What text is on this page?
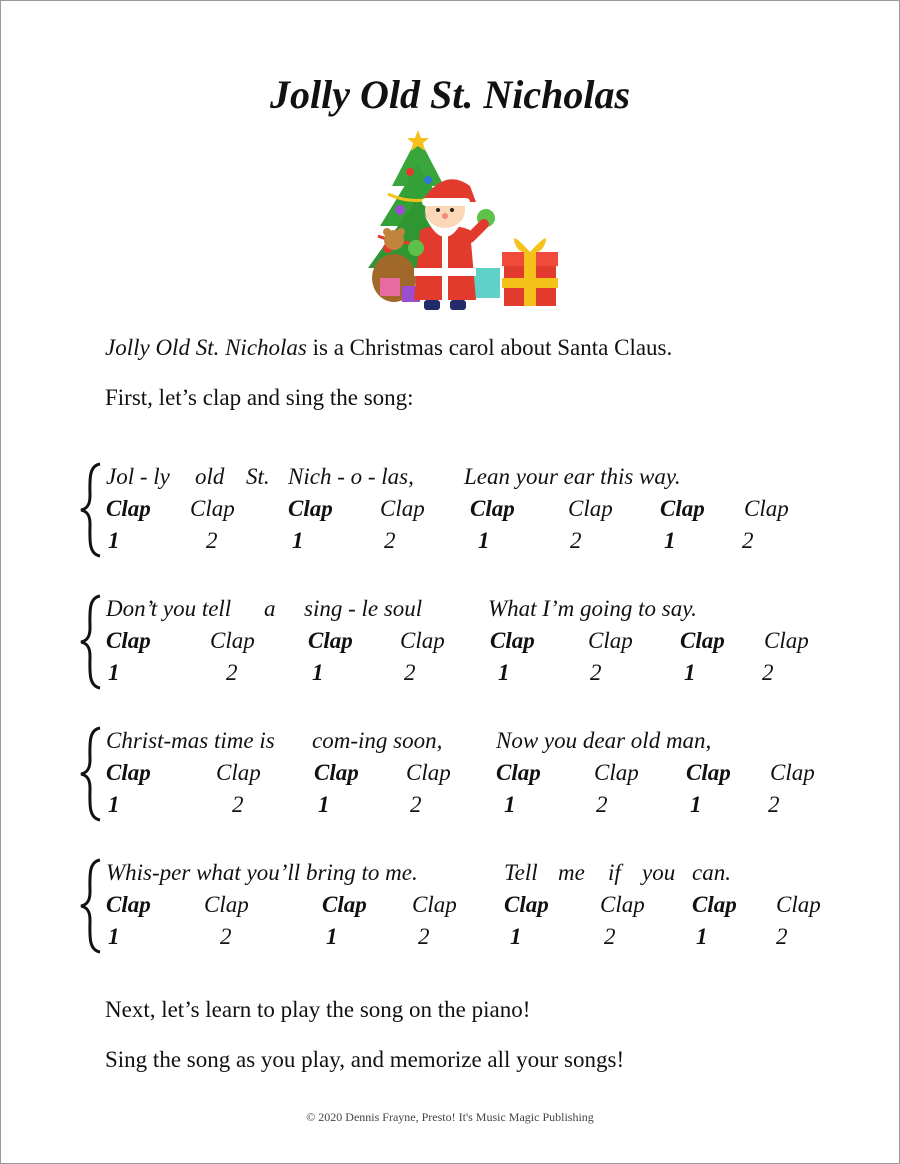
Jolly Old St. Nicholas

Jolly Old St. Nicholas is a Christmas carol about Santa Claus.

First, let’s clap and sing the song:

Jol - ly old St. Nich - o - las, Lean your ear this way.
Clap Clap Clap Clap Clap Clap Clap Clap
1	2	1	2	1	2	1	2
Don’t you tell a sing - le soul	What I’m going to say.
Clap	Clap Clap Clap Clap Clap Clap Clap
1	2	1	2	1	2	1	2
Christ-mas time is com-ing soon, Now you dear old man,
Clap	Clap Clap Clap Clap Clap Clap Clap
1	2	1	2	1	2	1	2
Whis-per what you’ll bring to me.	Tell me if you can.
Clap Clap	Clap Clap Clap Clap Clap Clap
1	2	1	2	1	2	1	2

Next, let’s learn to play the song on the piano!

Sing the song as you play, and memorize all your songs!

© 2020 Dennis Frayne, Presto! It's Music Magic Publishing
